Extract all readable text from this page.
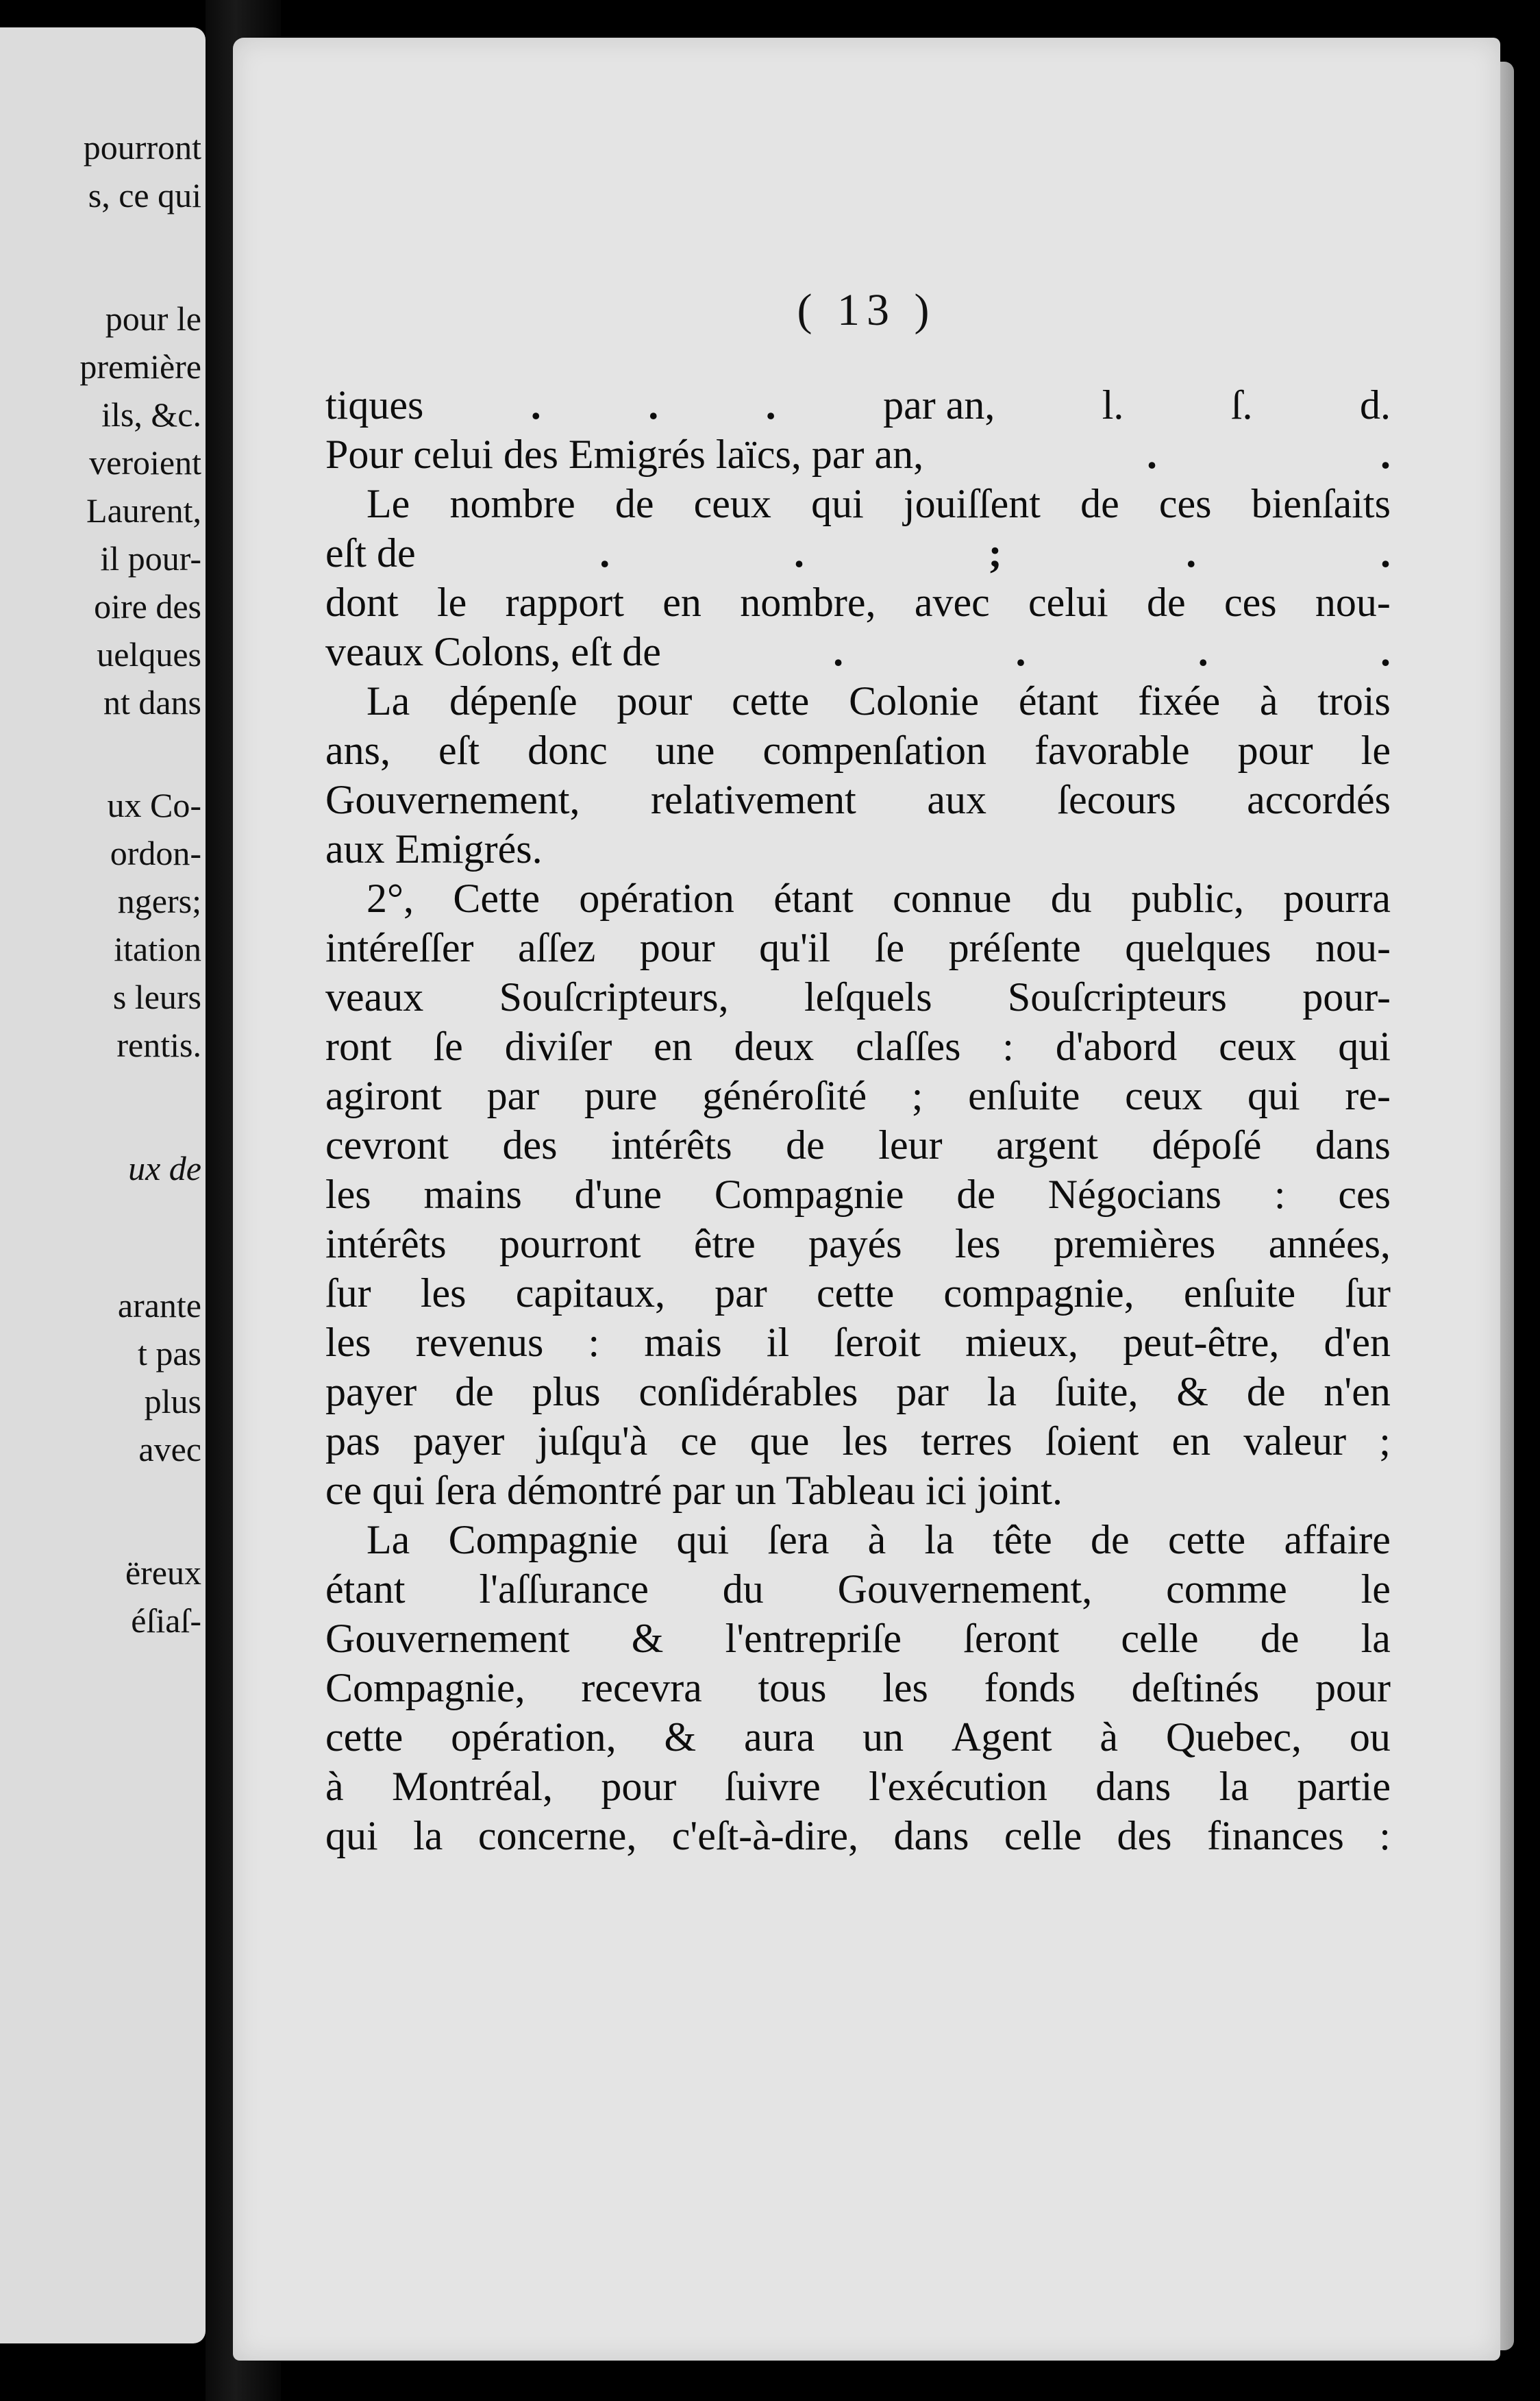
pourront
s, ce qui
pour le
première
ils, &c.
veroient
Laurent,
il pour-
oire des
uelques
nt dans
ux Co-
ordon-
ngers;
itation
s leurs
rentis.
ux de
arante
t pas
plus
avec
ëreux
éſiaſ-
( 13 )
tiques	.	.	.	par an,	l.	ſ.	d.
Pour celui des Emigrés laïcs, par an,	.	.
Le nombre de ceux qui jouiſſent de ces bienſaits
eſt de	.	.	;	.	.
dont le rapport en nombre, avec celui de ces nou-
veaux Colons, eſt de	.	.	.	.
La dépenſe pour cette Colonie étant fixée à trois
ans, eſt donc une compenſation favorable pour le
Gouvernement, relativement aux ſecours accordés
aux Emigrés.
2°, Cette opération étant connue du public, pourra
intéreſſer aſſez pour qu'il ſe préſente quelques nou-
veaux Souſcripteurs, leſquels Souſcripteurs pour-
ront ſe diviſer en deux claſſes : d'abord ceux qui
agiront par pure généroſité ; enſuite ceux qui re-
cevront des intérêts de leur argent dépoſé dans
les mains d'une Compagnie de Négocians : ces
intérêts pourront être payés les premières années,
ſur les capitaux, par cette compagnie, enſuite ſur
les revenus : mais il ſeroit mieux, peut-être, d'en
payer de plus conſidérables par la ſuite, & de n'en
pas payer juſqu'à ce que les terres ſoient en valeur ;
ce qui ſera démontré par un Tableau ici joint.
La Compagnie qui ſera à la tête de cette affaire
étant l'aſſurance du Gouvernement, comme le
Gouvernement & l'entrepriſe ſeront celle de la
Compagnie, recevra tous les fonds deſtinés pour
cette opération, & aura un Agent à Quebec, ou
à Montréal, pour ſuivre l'exécution dans la partie
qui la concerne, c'eſt-à-dire, dans celle des finances :
